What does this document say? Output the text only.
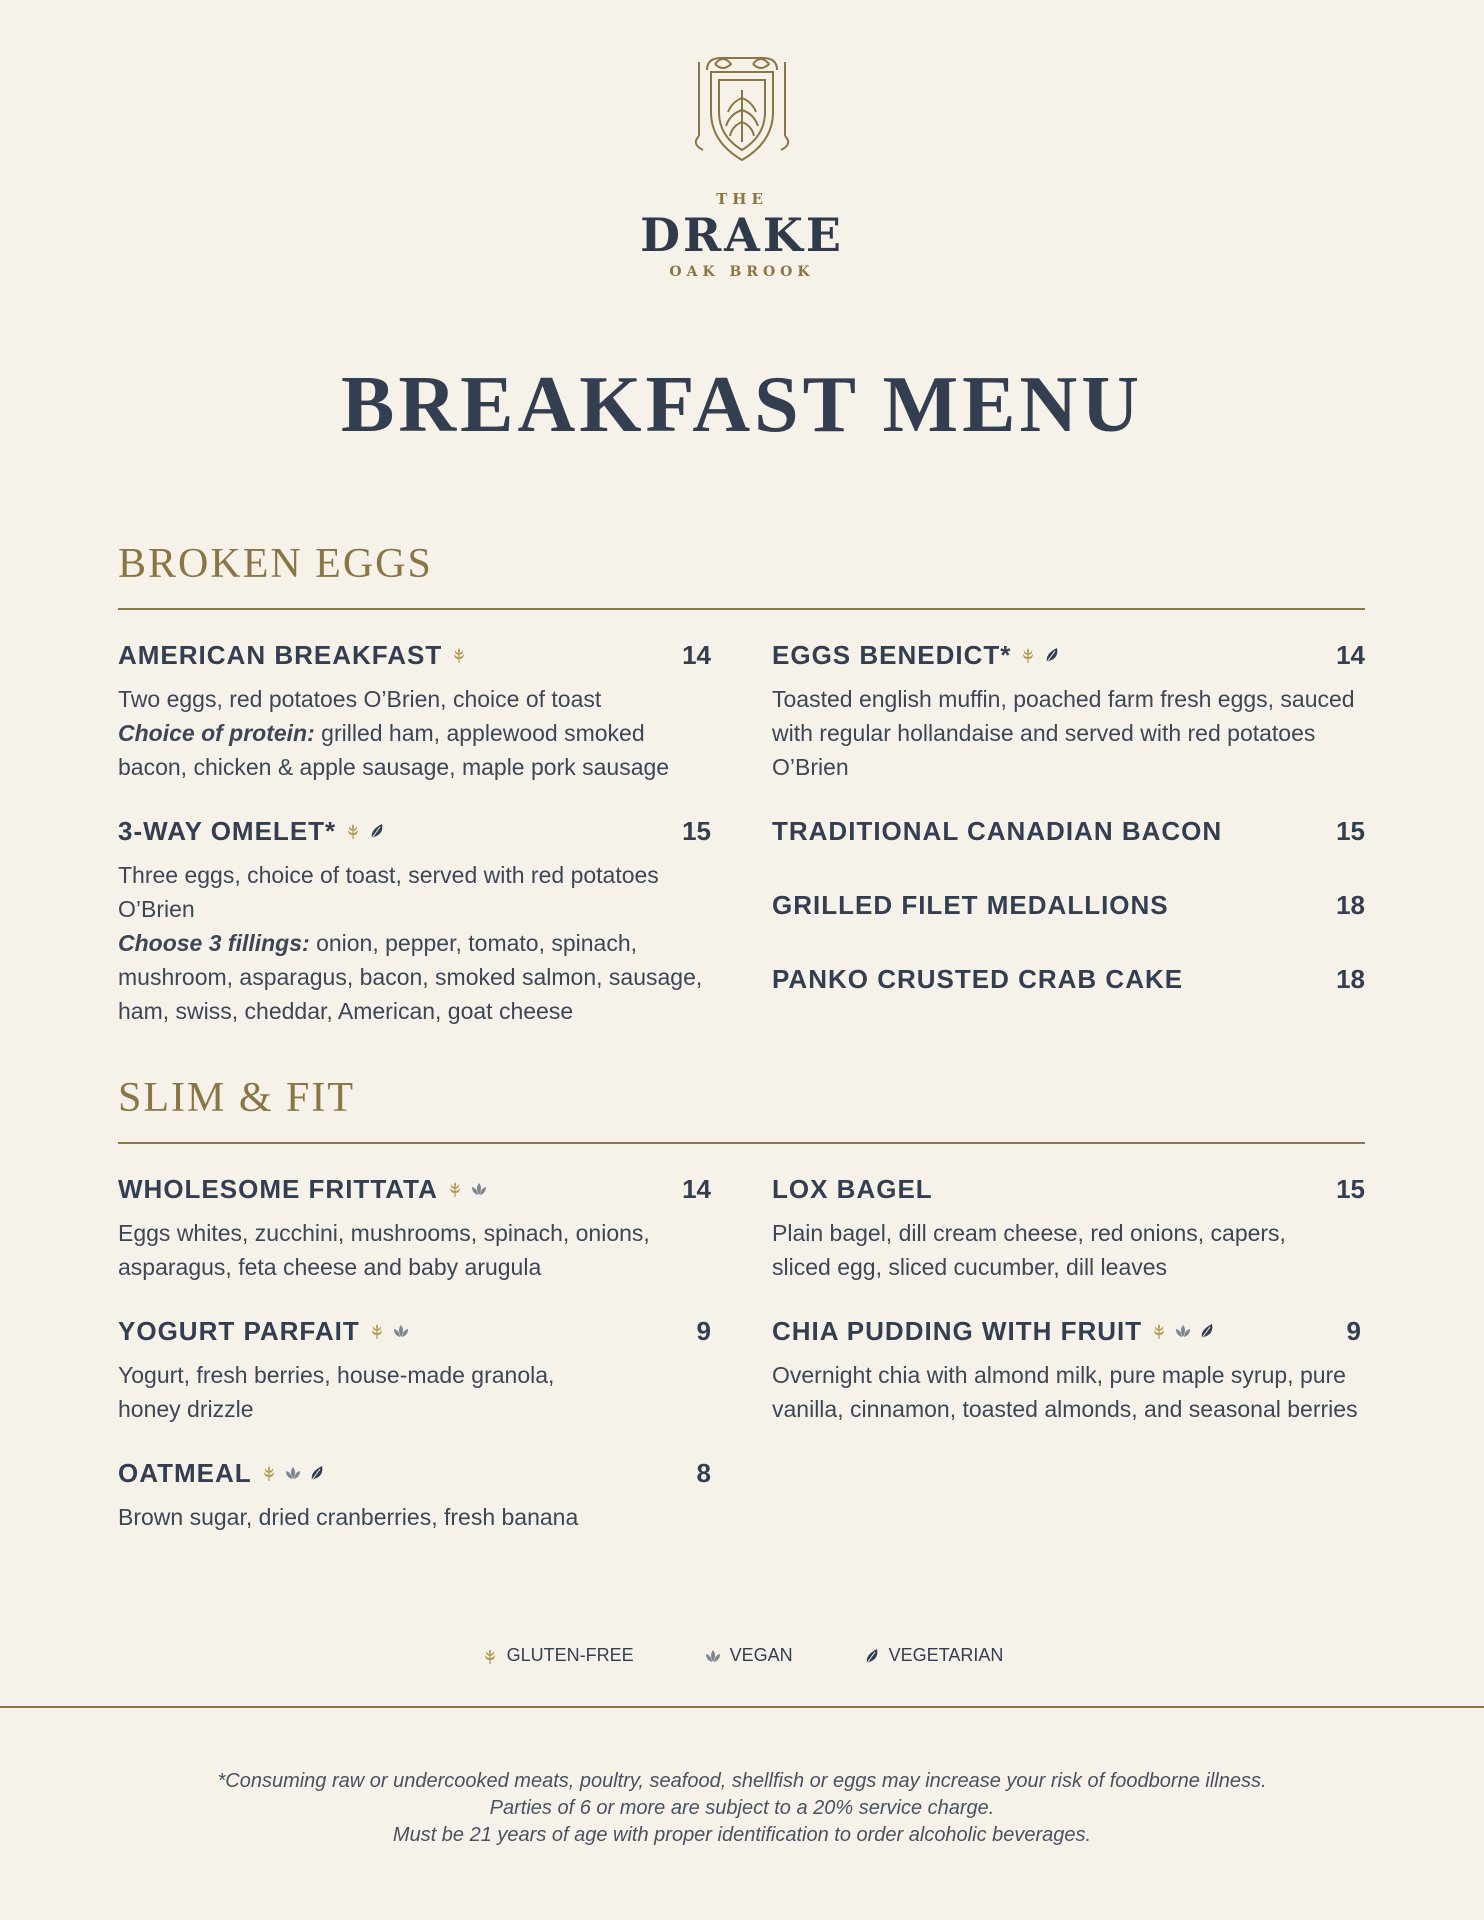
THE
DRAKE
OAK BROOK
BREAKFAST MENU
BROKEN EGGS
AMERICAN BREAKFAST	14
Two eggs, red potatoes O’Brien, choice of toast
Choice of protein: grilled ham, applewood smoked bacon, chicken & apple sausage, maple pork sausage
3-WAY OMELET*	15
Three eggs, choice of toast, served with red potatoes O’Brien
Choose 3 fillings: onion, pepper, tomato, spinach, mushroom, asparagus, bacon, smoked salmon, sausage, ham, swiss, cheddar, American, goat cheese
EGGS BENEDICT*	14
Toasted english muffin, poached farm fresh eggs, sauced with regular hollandaise and served with red potatoes O’Brien
TRADITIONAL CANADIAN BACON	15
GRILLED FILET MEDALLIONS	18
PANKO CRUSTED CRAB CAKE	18
SLIM & FIT
WHOLESOME FRITTATA	14
Eggs whites, zucchini, mushrooms, spinach, onions, asparagus, feta cheese and baby arugula
YOGURT PARFAIT	9
Yogurt, fresh berries, house-made granola, honey drizzle
OATMEAL	8
Brown sugar, dried cranberries, fresh banana
LOX BAGEL	15
Plain bagel, dill cream cheese, red onions, capers, sliced egg, sliced cucumber, dill leaves
CHIA PUDDING WITH FRUIT	9
Overnight chia with almond milk, pure maple syrup, pure vanilla, cinnamon, toasted almonds, and seasonal berries
GLUTEN-FREE	VEGAN	VEGETARIAN
*Consuming raw or undercooked meats, poultry, seafood, shellfish or eggs may increase your risk of foodborne illness.
Parties of 6 or more are subject to a 20% service charge.
Must be 21 years of age with proper identification to order alcoholic beverages.
